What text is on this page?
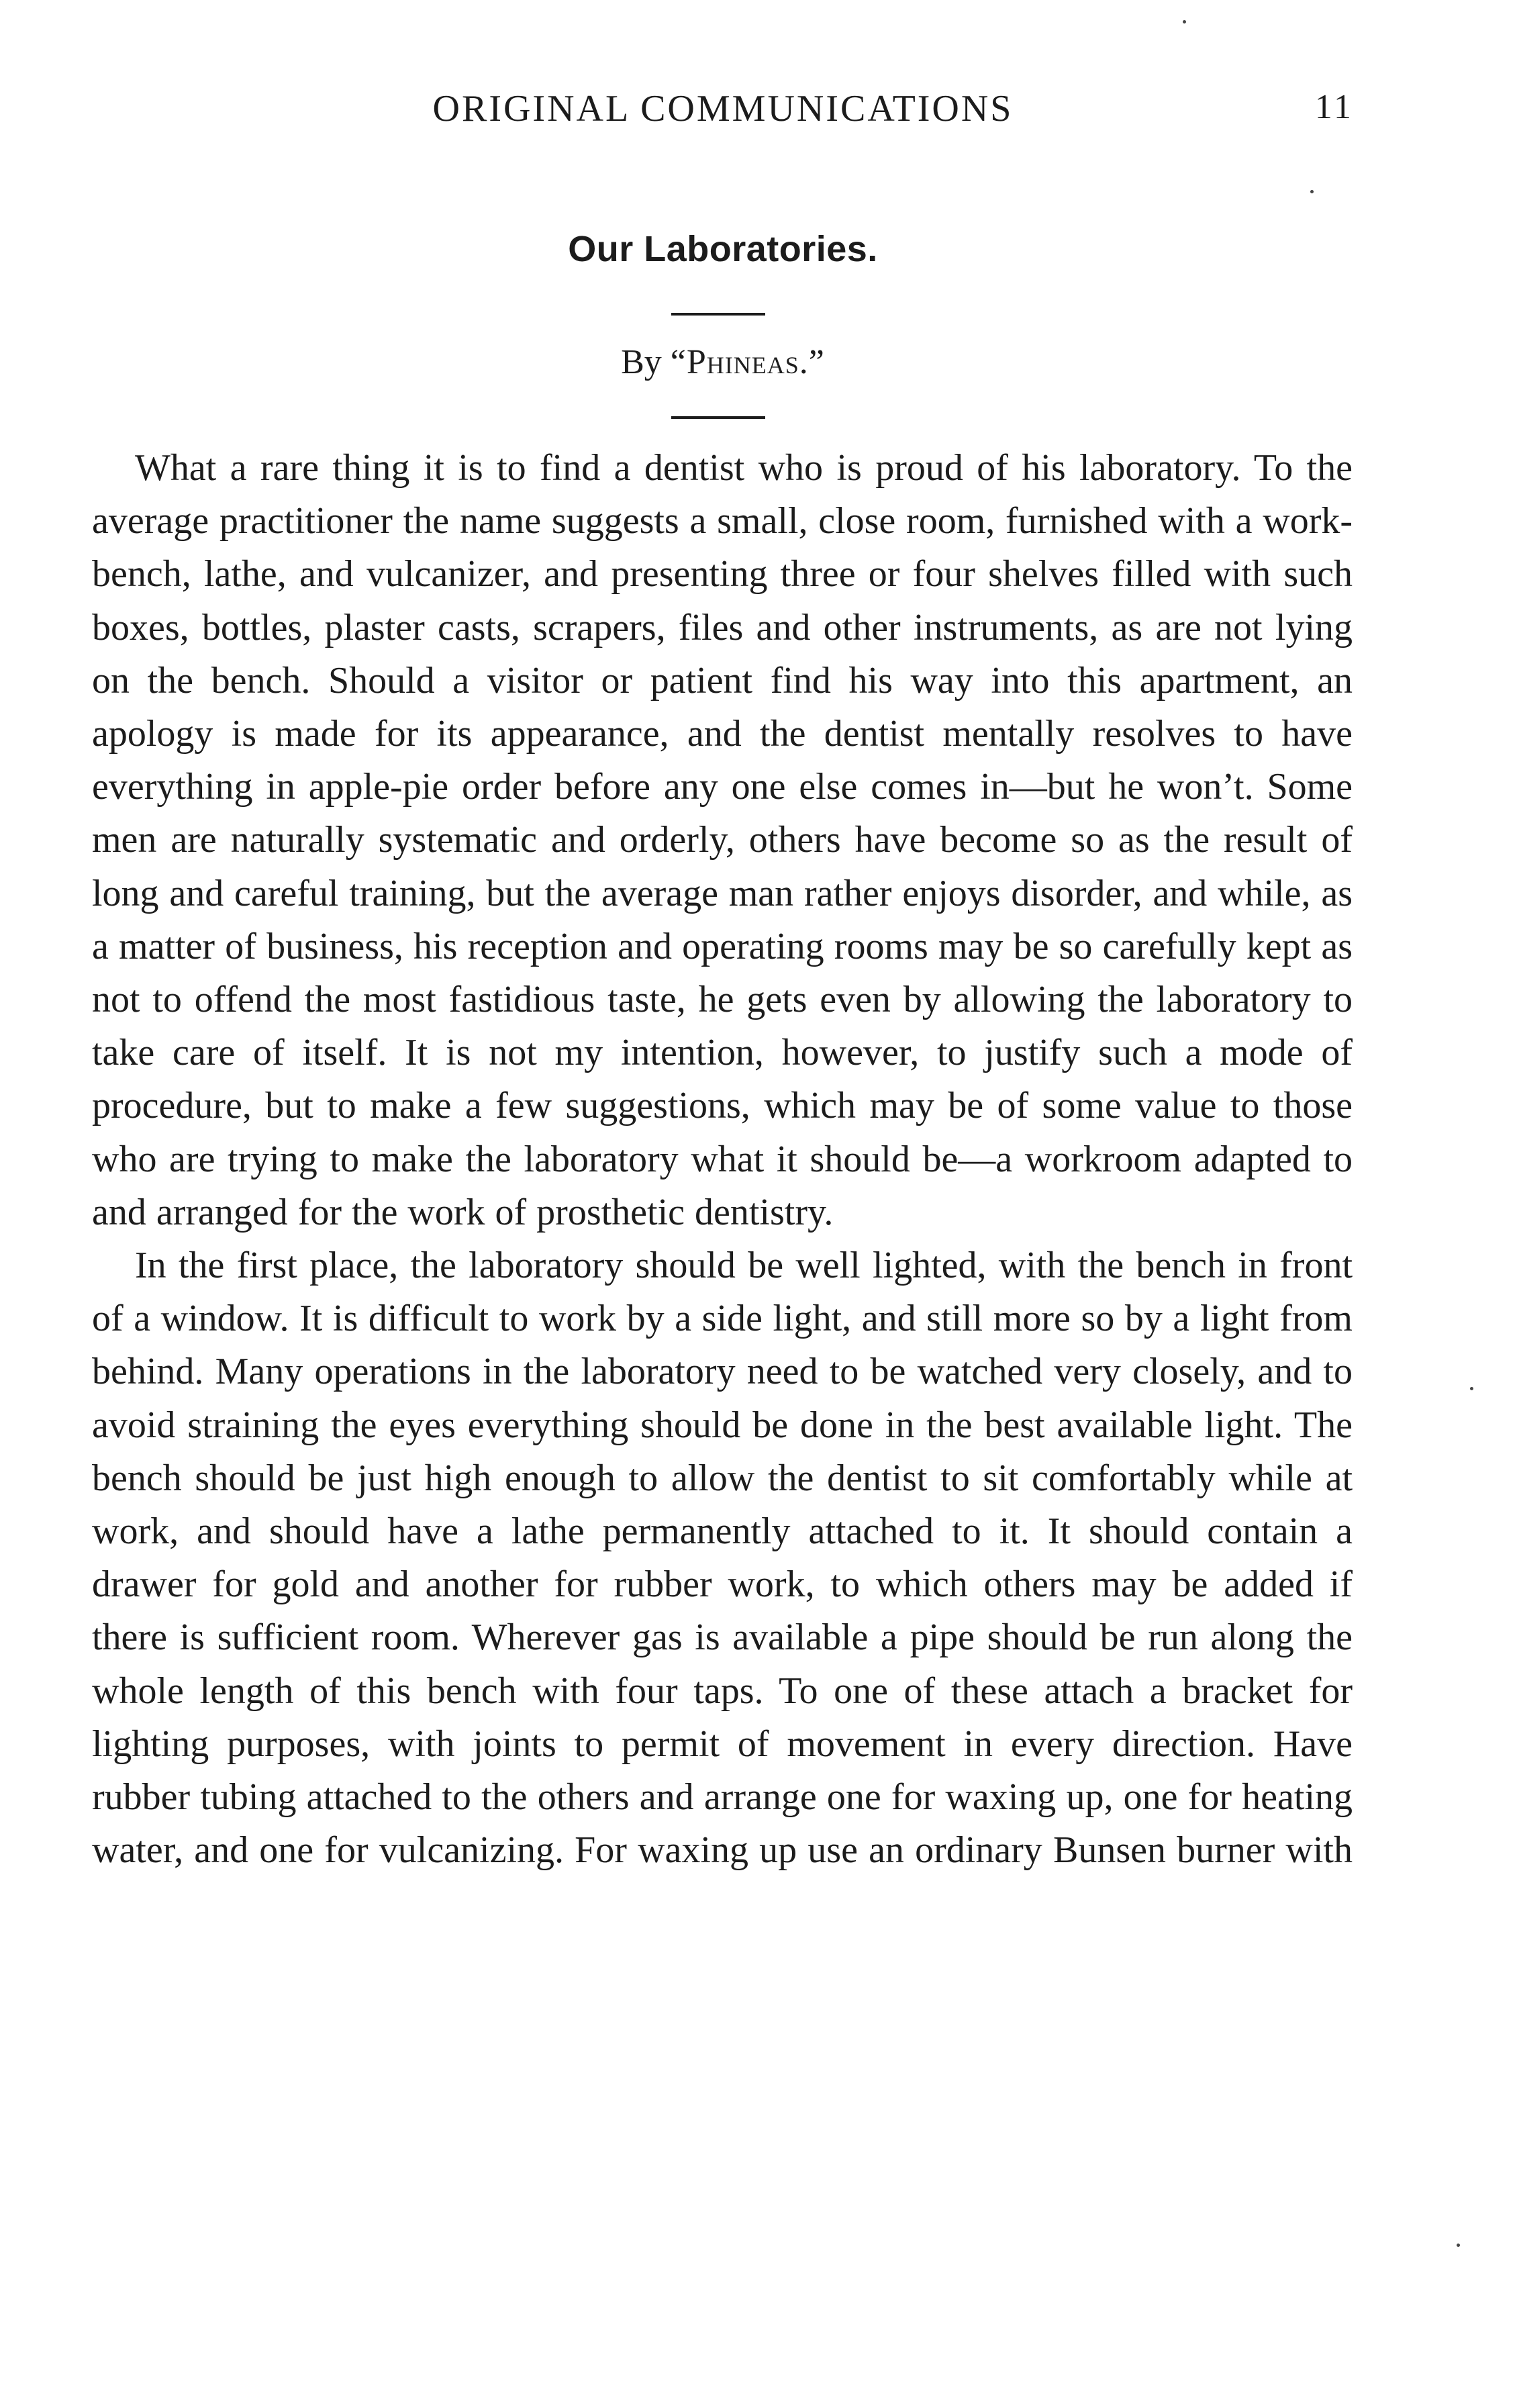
ORIGINAL COMMUNICATIONS	11
Our Laboratories.
By “Phineas.”

What a rare thing it is to find a dentist who is proud of his laboratory. To the average practitioner the name suggests a small, close room, furnished with a work-bench, lathe, and vulcanizer, and presenting three or four shelves filled with such boxes, bottles, plaster casts, scrapers, files and other instruments, as are not lying on the bench. Should a visitor or patient find his way into this apartment, an apology is made for its appearance, and the dentist mentally resolves to have everything in apple-pie order before any one else comes in—but he won’t. Some men are naturally systematic and orderly, others have become so as the result of long and careful training, but the average man rather enjoys disorder, and while, as a matter of business, his reception and operating rooms may be so carefully kept as not to offend the most fastidious taste, he gets even by allowing the laboratory to take care of itself. It is not my intention, however, to justify such a mode of procedure, but to make a few suggestions, which may be of some value to those who are trying to make the laboratory what it should be—a workroom adapted to and arranged for the work of prosthetic dentistry.

In the first place, the laboratory should be well lighted, with the bench in front of a window. It is difficult to work by a side light, and still more so by a light from behind. Many operations in the laboratory need to be watched very closely, and to avoid straining the eyes everything should be done in the best available light. The bench should be just high enough to allow the dentist to sit comfortably while at work, and should have a lathe permanently attached to it. It should contain a drawer for gold and another for rubber work, to which others may be added if there is sufficient room. Wherever gas is available a pipe should be run along the whole length of this bench with four taps. To one of these attach a bracket for lighting purposes, with joints to permit of movement in every direction. Have rubber tubing attached to the others and arrange one for waxing up, one for heating water, and one for vulcanizing. For waxing up use an ordinary Bunsen burner with
